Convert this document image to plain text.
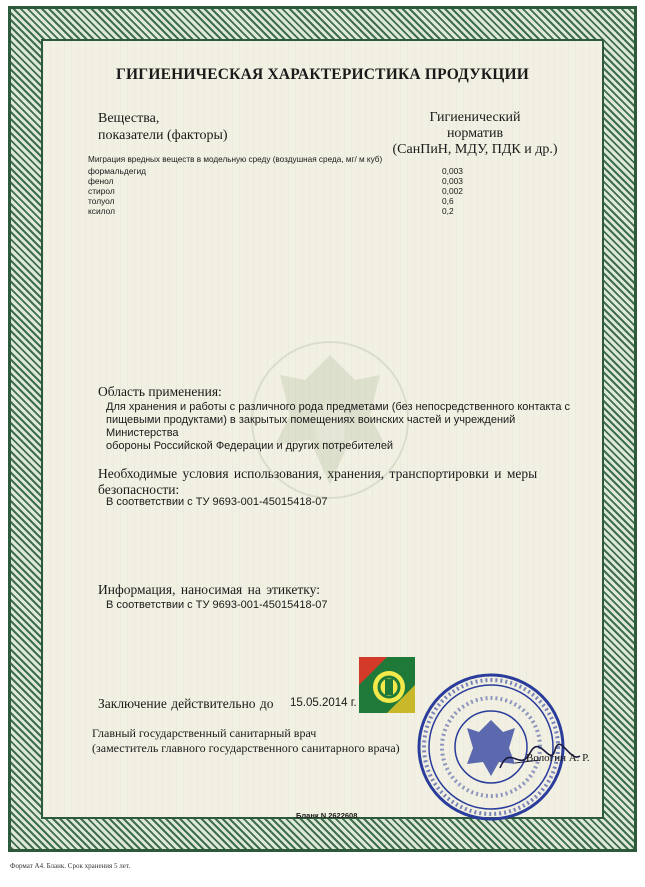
ГИГИЕНИЧЕСКАЯ ХАРАКТЕРИСТИКА ПРОДУКЦИИ
Вещества,
показатели (факторы)
Гигиенический
норматив
(СанПиН, МДУ, ПДК и др.)
Миграция вредных веществ в модельную среду (воздушная среда, мг/ м куб)
формальдегид	0,003
фенол	0,003
стирол	0,002
толуол	0,6
ксилол	0,2
Область применения:
Для хранения и работы с различного рода предметами (без непосредственного контакта с
пищевыми продуктами) в закрытых помещениях воинских частей и учреждений Министерства
обороны Российской Федерации и других потребителей
Необходимые условия использования, хранения, транспортировки и меры
безопасности:
В соответствии с ТУ 9693-001-45015418-07
Информация, наносимая на этикетку:
В соответствии с ТУ 9693-001-45015418-07
Заключение действительно до 15.05.2014 г.
Главный государственный санитарный врач
(заместитель главного государственного санитарного врача)
Вологин А. Р.
Бланк N 2622608
Формат А4. Бланк. Срок хранения 5 лет.
